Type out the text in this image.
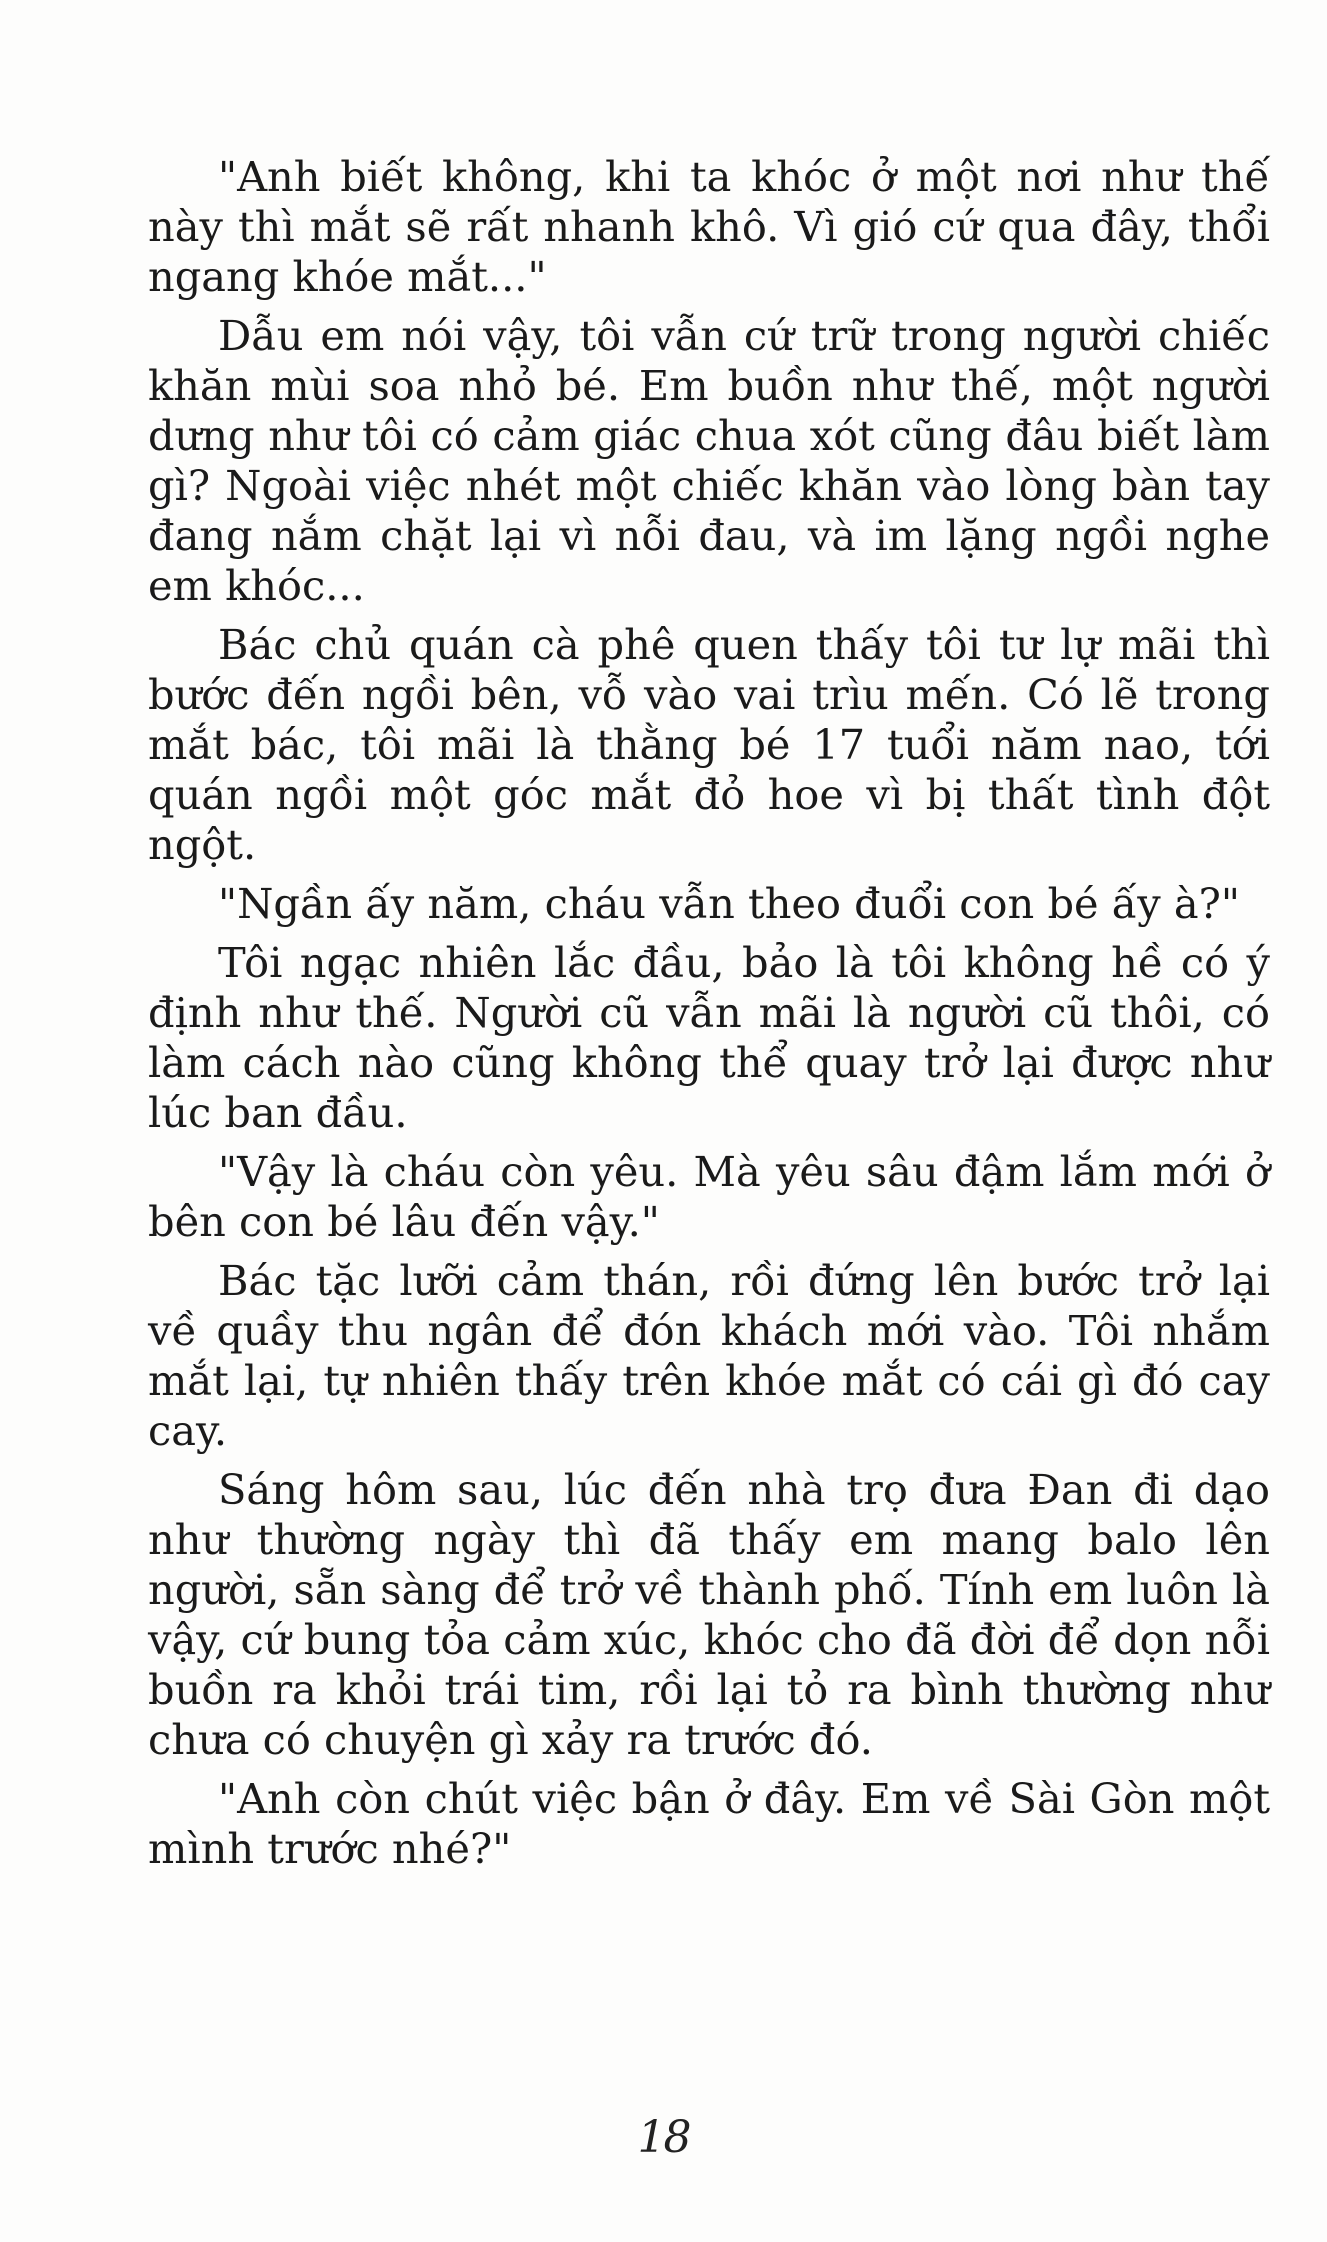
"Anh biết không, khi ta khóc ở một nơi như thế này thì mắt sẽ rất nhanh khô. Vì gió cứ qua đây, thổi ngang khóe mắt..."

Dẫu em nói vậy, tôi vẫn cứ trữ trong người chiếc khăn mùi soa nhỏ bé. Em buồn như thế, một người dưng như tôi có cảm giác chua xót cũng đâu biết làm gì? Ngoài việc nhét một chiếc khăn vào lòng bàn tay đang nắm chặt lại vì nỗi đau, và im lặng ngồi nghe em khóc...

Bác chủ quán cà phê quen thấy tôi tư lự mãi thì bước đến ngồi bên, vỗ vào vai trìu mến. Có lẽ trong mắt bác, tôi mãi là thằng bé 17 tuổi năm nao, tới quán ngồi một góc mắt đỏ hoe vì bị thất tình đột ngột.

"Ngần ấy năm, cháu vẫn theo đuổi con bé ấy à?"

Tôi ngạc nhiên lắc đầu, bảo là tôi không hề có ý định như thế. Người cũ vẫn mãi là người cũ thôi, có làm cách nào cũng không thể quay trở lại được như lúc ban đầu.

"Vậy là cháu còn yêu. Mà yêu sâu đậm lắm mới ở bên con bé lâu đến vậy."

Bác tặc lưỡi cảm thán, rồi đứng lên bước trở lại về quầy thu ngân để đón khách mới vào. Tôi nhắm mắt lại, tự nhiên thấy trên khóe mắt có cái gì đó cay cay.

Sáng hôm sau, lúc đến nhà trọ đưa Đan đi dạo như thường ngày thì đã thấy em mang balo lên người, sẵn sàng để trở về thành phố. Tính em luôn là vậy, cứ bung tỏa cảm xúc, khóc cho đã đời để dọn nỗi buồn ra khỏi trái tim, rồi lại tỏ ra bình thường như chưa có chuyện gì xảy ra trước đó.

"Anh còn chút việc bận ở đây. Em về Sài Gòn một mình trước nhé?"

18
